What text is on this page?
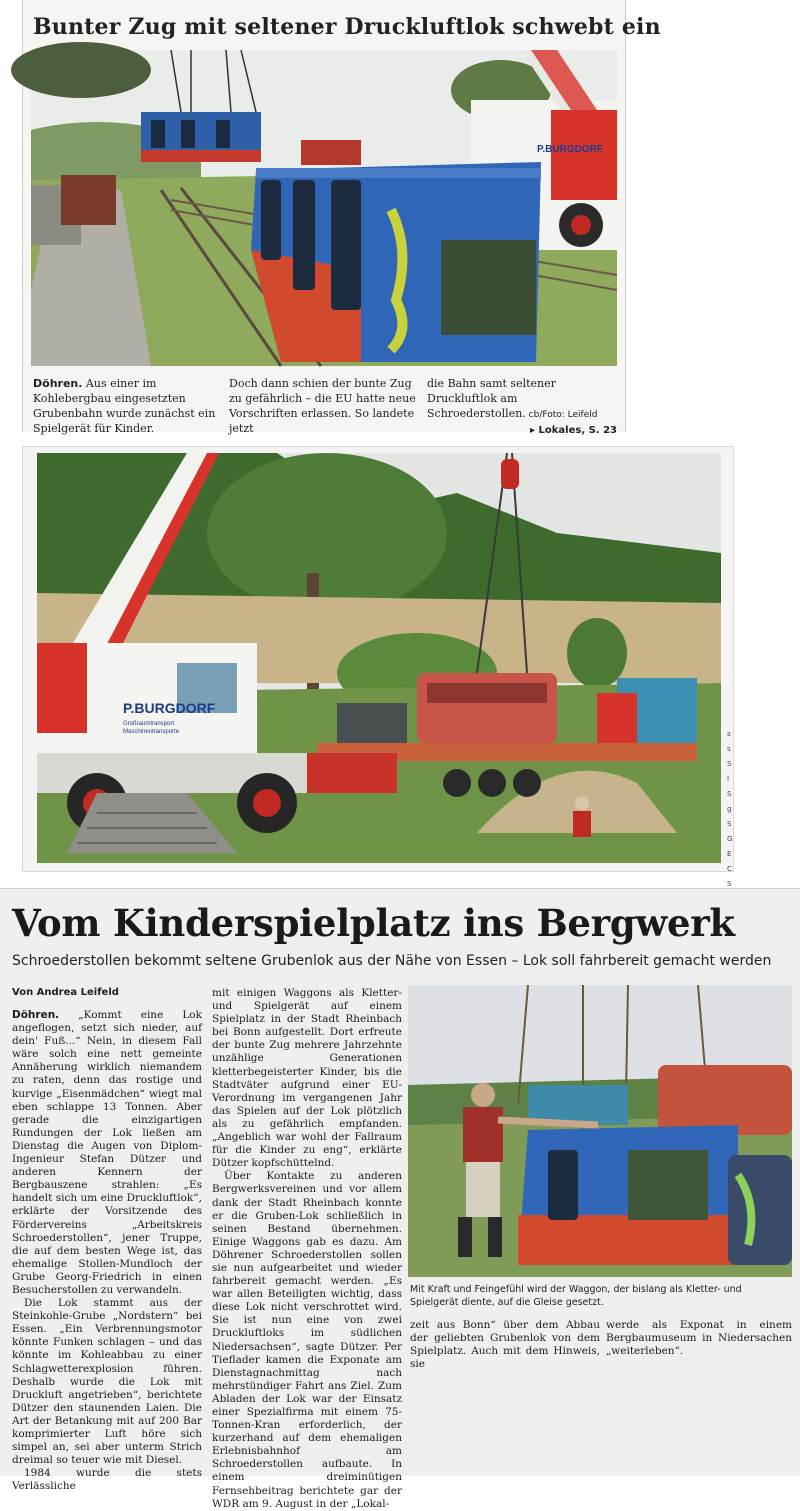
Bunter Zug mit seltener Druckluftlok schwebt ein
P.BURGDORF
Döhren. Aus einer im Kohlebergbau eingesetzten Grubenbahn wurde zunächst ein Spielgerät für Kinder.
Doch dann schien der bunte Zug zu gefährlich – die EU hatte neue Vorschriften erlassen. So landete jetzt
die Bahn samt seltener Druckluftlok am Schroederstollen. cb/Foto: Leifeld
▸ Lokales, S. 23
P.BURGDORF
Großraumtransport
Maschinentransporte	s
s
S
I
S
g
S
G
E
C
S
Vom Kinderspielplatz ins Bergwerk
Schroederstollen bekommt seltene Grubenlok aus der Nähe von Essen – Lok soll fahrbereit gemacht werden
Von Andrea Leifeld

Döhren. „Kommt eine Lok angeflogen, setzt sich nieder, auf dein' Fuß...“ Nein, in diesem Fall wäre solch eine nett gemeinte Annäherung wirklich niemandem zu raten, denn das rostige und kurvige „Eisenmädchen“ wiegt mal eben schlappe 13 Tonnen. Aber gerade die einzigartigen Rundungen der Lok ließen am Dienstag die Augen von Diplom-Ingenieur Stefan Dützer und anderen Kennern der Bergbauszene strahlen: „Es handelt sich um eine Druckluftlok“, erklärte der Vorsitzende des Fördervereins „Arbeitskreis Schroederstollen“, jener Truppe, die auf dem besten Wege ist, das ehemalige Stollen-Mundloch der Grube Georg-Friedrich in einen Besucherstollen zu verwandeln.

Die Lok stammt aus der Steinkohle-Grube „Nordstern“ bei Essen. „Ein Verbrennungsmotor könnte Funken schlagen – und das könnte im Kohleabbau zu einer Schlagwetterexplosion führen. Deshalb wurde die Lok mit Druckluft angetrieben“, berichtete Dützer den staunenden Laien. Die Art der Betankung mit auf 200 Bar komprimierter Luft höre sich simpel an, sei aber unterm Strich dreimal so teuer wie mit Diesel.

1984 wurde die stets Verlässliche

mit einigen Waggons als Kletter- und Spielgerät auf einem Spielplatz in der Stadt Rheinbach bei Bonn aufgestellt. Dort erfreute der bunte Zug mehrere Jahrzehnte unzählige Generationen kletterbegeisterter Kinder, bis die Stadtväter aufgrund einer EU-Verordnung im vergangenen Jahr das Spielen auf der Lok plötzlich als zu gefährlich empfanden. „Angeblich war wohl der Fallraum für die Kinder zu eng“, erklärte Dützer kopfschüttelnd.

Über Kontakte zu anderen Bergwerksvereinen und vor allem dank der Stadt Rheinbach konnte er die Gruben-Lok schließlich in seinen Bestand übernehmen. Einige Waggons gab es dazu. Am Döhrener Schroederstollen sollen sie nun aufgearbeitet und wieder fahrbereit gemacht werden. „Es war allen Beteiligten wichtig, dass diese Lok nicht verschrottet wird. Sie ist nun eine von zwei Druckluftloks im südlichen Niedersachsen“, sagte Dützer. Per Tieflader kamen die Exponate am Dienstagnachmittag nach mehrstündiger Fahrt ans Ziel. Zum Abladen der Lok war der Einsatz einer Spezialfirma mit einem 75-Tonnen-Kran erforderlich, der kurzerhand auf dem ehemaligen Erlebnisbahnhof am Schroederstollen aufbaute. In einem dreiminütigen Fernsehbeitrag berichtete gar der WDR am 9. August in der „Lokal-

Mit Kraft und Feingefühl wird der Waggon, der bislang als Kletter- und Spielgerät diente, auf die Gleise gesetzt.
zeit aus Bonn“ über dem Abbau der geliebten Grubenlok von dem Spielplatz. Auch mit dem Hinweis, sie
werde als Exponat in einem Bergbaumuseum in Niedersachen „weiterleben“.
